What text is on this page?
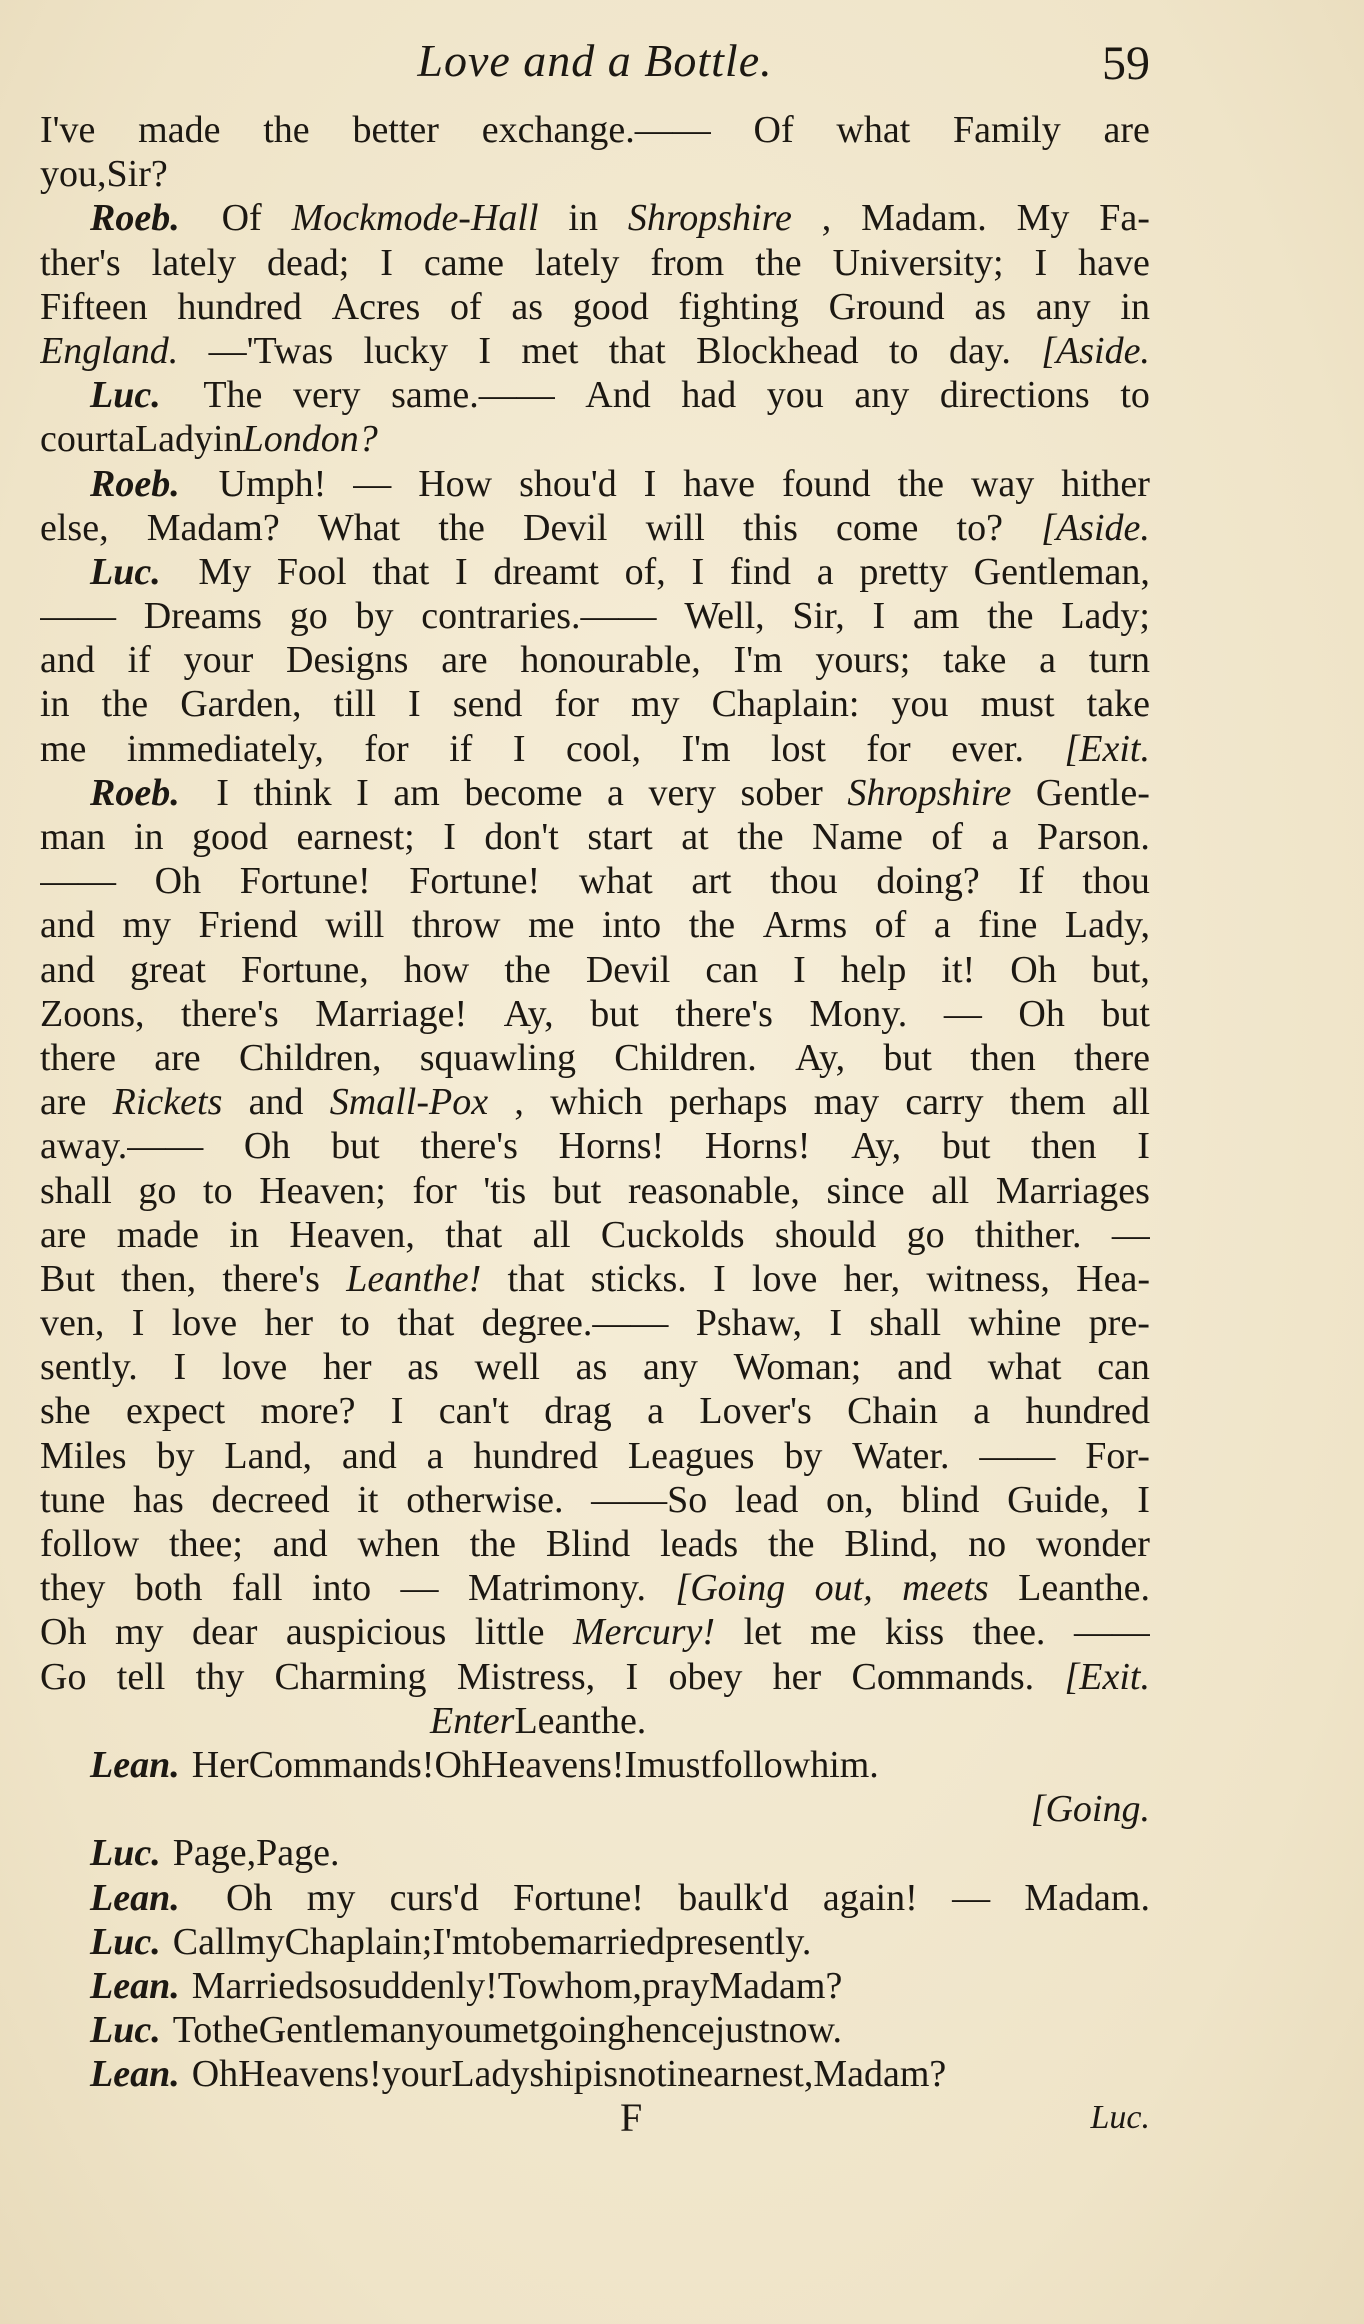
Love and a Bottle.	59
I've made the better exchange.—— Of what Family are
you, Sir?
Roeb. Of Mockmode-Hall in Shropshire , Madam. My Fa-
ther's lately dead; I came lately from the University; I have
Fifteen hundred Acres of as good fighting Ground as any in
England. —'Twas lucky I met that Blockhead to day. [Aside.
Luc. The very same.—— And had you any directions to
court a Lady in London?
Roeb. Umph! — How shou'd I have found the way hither
else, Madam? What the Devil will this come to? [Aside.
Luc. My Fool that I dreamt of, I find a pretty Gentleman,
—— Dreams go by contraries.—— Well, Sir, I am the Lady;
and if your Designs are honourable, I'm yours; take a turn
in the Garden, till I send for my Chaplain: you must take
me immediately, for if I cool, I'm lost for ever. [Exit.
Roeb. I think I am become a very sober Shropshire Gentle-
man in good earnest; I don't start at the Name of a Parson.
—— Oh Fortune! Fortune! what art thou doing? If thou
and my Friend will throw me into the Arms of a fine Lady,
and great Fortune, how the Devil can I help it! Oh but,
Zoons, there's Marriage! Ay, but there's Mony. — Oh but
there are Children, squawling Children. Ay, but then there
are Rickets and Small-Pox , which perhaps may carry them all
away.—— Oh but there's Horns! Horns! Ay, but then I
shall go to Heaven; for 'tis but reasonable, since all Marriages
are made in Heaven, that all Cuckolds should go thither. —
But then, there's Leanthe! that sticks. I love her, witness, Hea-
ven, I love her to that degree.—— Pshaw, I shall whine pre-
sently. I love her as well as any Woman; and what can
she expect more? I can't drag a Lover's Chain a hundred
Miles by Land, and a hundred Leagues by Water. —— For-
tune has decreed it otherwise. ——So lead on, blind Guide, I
follow thee; and when the Blind leads the Blind, no wonder
they both fall into — Matrimony. [Going out, meets Leanthe.
Oh my dear auspicious little Mercury! let me kiss thee. ——
Go tell thy Charming Mistress, I obey her Commands. [Exit.
Enter Leanthe.
Lean. Her Commands! Oh Heavens! I must follow him.
[Going.
Luc. Page, Page.
Lean. Oh my curs'd Fortune! baulk'd again! — Madam.
Luc. Call my Chaplain; I'm to be married presently.
Lean. Married so suddenly! To whom, pray Madam?
Luc. To the Gentleman you met going hence just now.
Lean. Oh Heavens! your Ladyship is not in earnest, Madam?
F	Luc.
